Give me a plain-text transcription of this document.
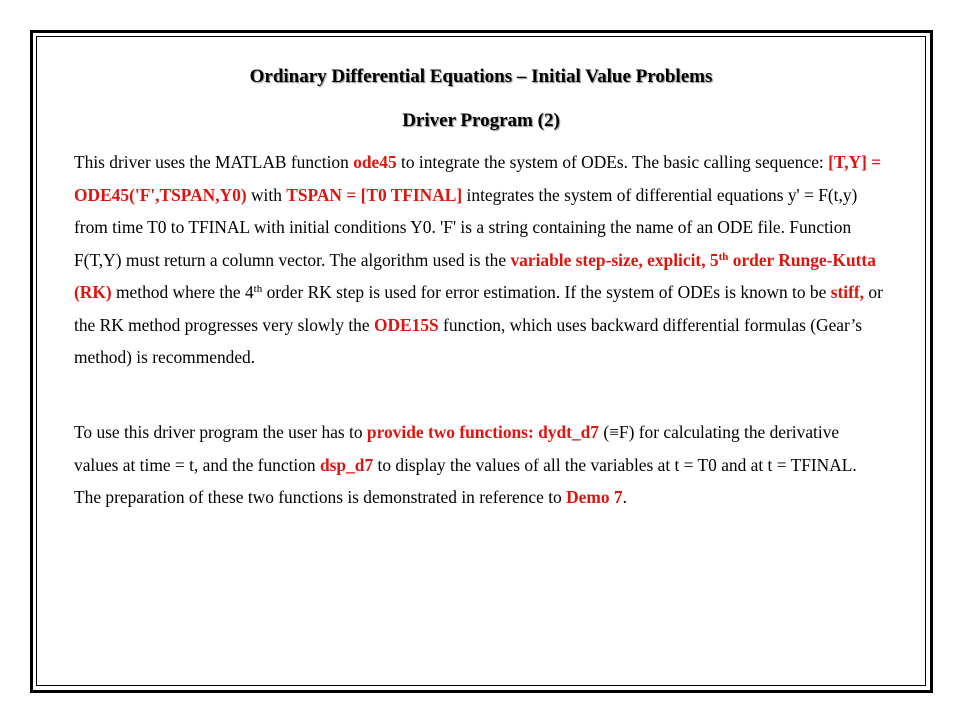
Ordinary Differential Equations – Initial Value Problems
Driver Program (2)

This driver uses the MATLAB function ode45 to integrate the system of ODEs. The basic calling sequence: [T,Y] = ODE45('F',TSPAN,Y0) with TSPAN = [T0 TFINAL] integrates the system of differential equations y' = F(t,y) from time T0 to TFINAL with initial conditions Y0. 'F' is a string containing the name of an ODE file. Function F(T,Y) must return a column vector. The algorithm used is the variable step-size, explicit, 5th order Runge-Kutta (RK) method where the 4th order RK step is used for error estimation. If the system of ODEs is known to be stiff, or the RK method progresses very slowly the ODE15S function, which uses backward differential formulas (Gear’s method) is recommended.

To use this driver program the user has to provide two functions: dydt_d7 (≡F) for calculating the derivative values at time = t, and the function dsp_d7 to display the values of all the variables at t = T0 and at t = TFINAL. The preparation of these two functions is demonstrated in reference to Demo 7.
